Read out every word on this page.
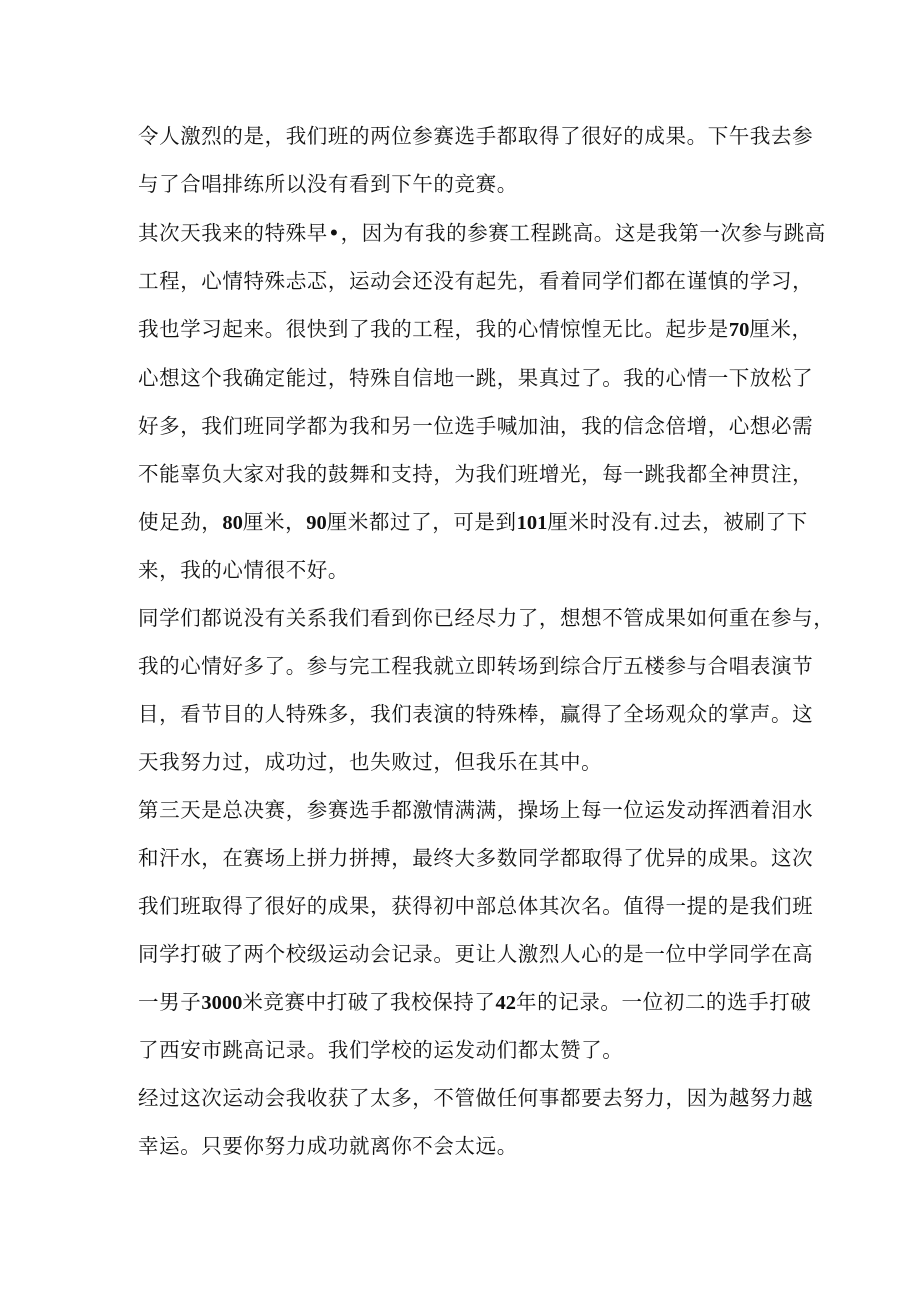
令人激烈的是，我们班的两位参赛选手都取得了很好的成果。下午我去参
与了合唱排练所以没有看到下午的竞赛。
其次天我来的特殊早•，因为有我的参赛工程跳高。这是我第一次参与跳高
工程，心情特殊忐忑，运动会还没有起先，看着同学们都在谨慎的学习，
我也学习起来。很快到了我的工程，我的心情惊惶无比。起步是70厘米，
心想这个我确定能过，特殊自信地一跳，果真过了。我的心情一下放松了
好多，我们班同学都为我和另一位选手喊加油，我的信念倍增，心想必需
不能辜负大家对我的鼓舞和支持，为我们班增光，每一跳我都全神贯注，
使足劲，80厘米，90厘米都过了，可是到101厘米时没有.过去，被刷了下
来，我的心情很不好。
同学们都说没有关系我们看到你已经尽力了，想想不管成果如何重在参与，
我的心情好多了。参与完工程我就立即转场到综合厅五楼参与合唱表演节
目，看节目的人特殊多，我们表演的特殊棒，赢得了全场观众的掌声。这
天我努力过，成功过，也失败过，但我乐在其中。
第三天是总决赛，参赛选手都激情满满，操场上每一位运发动挥洒着泪水
和汗水，在赛场上拼力拼搏，最终大多数同学都取得了优异的成果。这次
我们班取得了很好的成果，获得初中部总体其次名。值得一提的是我们班
同学打破了两个校级运动会记录。更让人激烈人心的是一位中学同学在高
一男子3000米竞赛中打破了我校保持了42年的记录。一位初二的选手打破
了西安市跳高记录。我们学校的运发动们都太赞了。
经过这次运动会我收获了太多，不管做任何事都要去努力，因为越努力越
幸运。只要你努力成功就离你不会太远。
